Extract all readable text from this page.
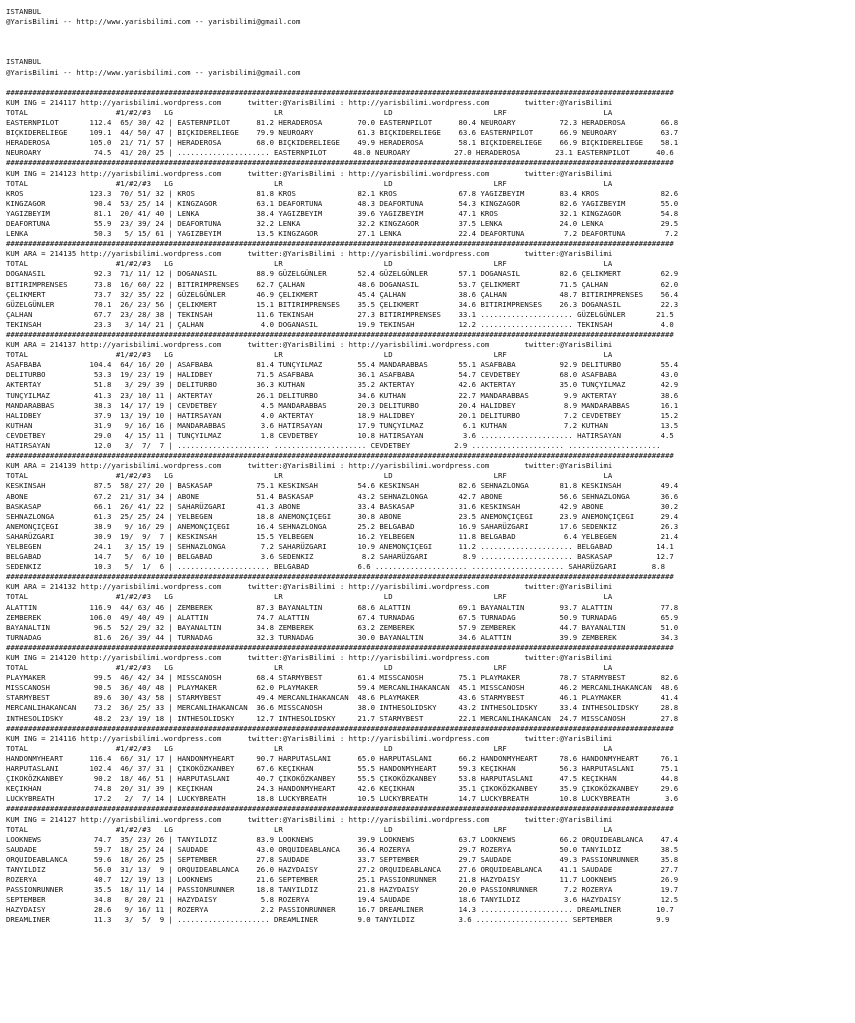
ISTANBUL
@YarisBilimi -- http://www.yarisbilimi.com -- yarisbilimi@gmail.com
ISTANBUL
@YarisBilimi -- http://www.yarisbilimi.com -- yarisbilimi@gmail.com
########################################################################################################################################################
KUM ING = 214117 http://yarisbilimi.wordpress.com      twitter:@YarisBilimi : http://yarisbilimi.wordpress.com        twitter:@YarisBilimi
TOTAL                    #1/#2/#3   LG                       LR                       LD                       LRF                      LA
EASTERNPILOT       112.4  65/ 30/ 42 | EASTERNPILOT      81.2 HERADEROSA        70.0 EASTERNPILOT      80.4 NEUROARY          72.3 HERADEROSA        66.8
BIÇKIDERELIEGE     109.1  44/ 50/ 47 | BIÇKIDERELIEGE    79.9 NEUROARY          61.3 BIÇKIDERELIEGE    63.6 EASTERNPILOT      66.9 NEUROARY          63.7
HERADEROSA         105.0  21/ 71/ 57 | HERADEROSA        68.0 BIÇKIDERELIEGE    49.9 HERADEROSA        58.1 BIÇKIDERELIEGE    66.9 BIÇKIDERELIEGE    58.1
NEUROARY            74.5  41/ 20/ 25 | ..................... EASTERNPILOT      48.0 NEUROARY          27.0 HERADEROSA        23.1 EASTERNPILOT      40.6
########################################################################################################################################################
KUM ING = 214123 http://yarisbilimi.wordpress.com      twitter:@YarisBilimi : http://yarisbilimi.wordpress.com        twitter:@YarisBilimi
TOTAL                    #1/#2/#3   LG                       LR                       LD                       LRF                      LA
KROS               123.3  70/ 51/ 32 | KROS              81.8 KROS              82.1 KROS              67.8 YAGIZBEYIM        83.4 KROS              82.6
KINGZAGOR           90.4  53/ 25/ 14 | KINGZAGOR         63.1 DEAFORTUNA        48.3 DEAFORTUNA        54.3 KINGZAGOR         82.6 YAGIZBEYIM        55.0
YAGIZBEYIM          81.1  20/ 41/ 40 | LENKA             38.4 YAGIZBEYIM        39.6 YAGIZBEYIM        47.1 KROS              32.1 KINGZAGOR         54.8
DEAFORTUNA          55.9  23/ 39/ 24 | DEAFORTUNA        32.2 LENKA             32.2 KINGZAGOR         37.5 LENKA             24.0 LENKA             29.5
LENKA               50.3   5/ 15/ 61 | YAGIZBEYIM        13.5 KINGZAGOR         27.1 LENKA             22.4 DEAFORTUNA         7.2 DEAFORTUNA         7.2
########################################################################################################################################################
KUM ARA = 214135 http://yarisbilimi.wordpress.com      twitter:@YarisBilimi : http://yarisbilimi.wordpress.com        twitter:@YarisBilimi
TOTAL                    #1/#2/#3   LG                       LR                       LD                       LRF                      LA
DOGANASIL           92.3  71/ 11/ 12 | DOGANASIL         88.9 GÜZELGÜNLER       52.4 GÜZELGÜNLER       57.1 DOGANASIL         82.6 ÇELIKMERT         62.9
BITIRIMPRENSES      73.8  16/ 60/ 22 | BITIRIMPRENSES    62.7 ÇALHAN            48.6 DOGANASIL         53.7 ÇELIKMERT         71.5 ÇALHAN            62.0
ÇELIKMERT           73.7  32/ 35/ 22 | GÜZELGÜNLER       46.9 ÇELIKMERT         45.4 ÇALHAN            38.6 ÇALHAN            48.7 BITIRIMPRENSES    56.4
GÜZELGÜNLER         70.1  26/ 23/ 56 | ÇELIKMERT         15.1 BITIRIMPRENSES    35.5 ÇELIKMERT         34.6 BITIRIMPRENSES    26.3 DOGANASIL         22.3
ÇALHAN              67.7  23/ 28/ 38 | TEKINSAH          11.6 TEKINSAH          27.3 BITIRIMPRENSES    33.1 ..................... GÜZELGÜNLER       21.5
TEKINSAH            23.3   3/ 14/ 21 | ÇALHAN             4.0 DOGANASIL         19.9 TEKINSAH          12.2 ..................... TEKINSAH           4.0
########################################################################################################################################################
KUM ARA = 214137 http://yarisbilimi.wordpress.com      twitter:@YarisBilimi : http://yarisbilimi.wordpress.com        twitter:@YarisBilimi
TOTAL                    #1/#2/#3   LG                       LR                       LD                       LRF                      LA
ASAFBABA           104.4  64/ 16/ 20 | ASAFBABA          81.4 TUNÇYILMAZ        55.4 MANDARABBAS       55.1 ASAFBABA          92.9 DELITURBO         55.4
DELITURBO           53.3  19/ 23/ 19 | HALIDBEY          71.5 ASAFBABA          36.1 ASAFBABA          54.7 CEVDETBEY         68.0 ASAFBABA          43.0
AKTERTAY            51.8   3/ 29/ 39 | DELITURBO         36.3 KUTHAN            35.2 AKTERTAY          42.6 AKTERTAY          35.0 TUNÇYILMAZ        42.9
TUNÇYILMAZ          41.3  23/ 10/ 11 | AKTERTAY          26.1 DELITURBO         34.6 KUTHAN            22.7 MANDARABBAS        9.9 AKTERTAY          38.6
MANDARABBAS         38.3  14/ 17/ 19 | CEVDETBEY          4.5 MANDARABBAS       20.3 DELITURBO         20.4 HALIDBEY           8.9 MANDARABBAS       16.1
HALIDBEY            37.9  13/ 19/ 10 | HATIRSAYAN         4.0 AKTERTAY          18.9 HALIDBEY          20.1 DELITURBO          7.2 CEVDETBEY         15.2
KUTHAN              31.9   9/ 16/ 16 | MANDARABBAS        3.6 HATIRSAYAN        17.9 TUNÇYILMAZ         6.1 KUTHAN             7.2 KUTHAN            13.5
CEVDETBEY           29.0   4/ 15/ 11 | TUNÇYILMAZ         1.8 CEVDETBEY         10.8 HATIRSAYAN         3.6 ..................... HATIRSAYAN         4.5
HATIRSAYAN          12.0   3/  7/  7 | ..................... ..................... CEVDETBEY          2.9 ..................... .....................
########################################################################################################################################################
KUM ARA = 214139 http://yarisbilimi.wordpress.com      twitter:@YarisBilimi : http://yarisbilimi.wordpress.com        twitter:@YarisBilimi
TOTAL                    #1/#2/#3   LG                       LR                       LD                       LRF                      LA
KESKINSAH           87.5  58/ 27/ 20 | BASKASAP          75.1 KESKINSAH         54.6 KESKINSAH         82.6 SEHNAZLONGA       81.8 KESKINSAH         49.4
ABONE               67.2  21/ 31/ 34 | ABONE             51.4 BASKASAP          43.2 SEHNAZLONGA       42.7 ABONE             56.6 SEHNAZLONGA       36.6
BASKASAP            66.1  26/ 41/ 22 | SAHARÜZGARI       41.3 ABONE             33.4 BASKASAP          31.6 KESKINSAH         42.9 ABONE             30.2
SEHNAZLONGA         61.3  25/ 25/ 24 | YELBEGEN          18.8 ANEMONÇIÇEGI      30.8 ABONE             23.5 ANEMONÇIÇEGI      23.9 ANEMONÇIÇEGI      29.4
ANEMONÇIÇEGI        38.9   9/ 16/ 29 | ANEMONÇIÇEGI      16.4 SEHNAZLONGA       25.2 BELGABAD          16.9 SAHARÜZGARI       17.6 SEDENKIZ          26.3
SAHARÜZGARI         30.9  19/  9/  7 | KESKINSAH         15.5 YELBEGEN          16.2 YELBEGEN          11.8 BELGABAD           6.4 YELBEGEN          21.4
YELBEGEN            24.1   3/ 15/ 19 | SEHNAZLONGA        7.2 SAHARÜZGARI       10.9 ANEMONÇIÇEGI      11.2 ..................... BELGABAD          14.1
BELGABAD            14.7   5/  6/ 10 | BELGABAD           3.6 SEDENKIZ           8.2 SAHARÜZGARI        8.9 ..................... BASKASAP          12.7
SEDENKIZ            10.3   5/  1/  6 | ..................... BELGABAD           6.6 ..................... ..................... SAHARÜZGARI        8.8
########################################################################################################################################################
KUM ARA = 214132 http://yarisbilimi.wordpress.com      twitter:@YarisBilimi : http://yarisbilimi.wordpress.com        twitter:@YarisBilimi
TOTAL                    #1/#2/#3   LG                       LR                       LD                       LRF                      LA
ALATTIN            116.9  44/ 63/ 46 | ZEMBEREK          87.3 BAYANALTIN        68.6 ALATTIN           69.1 BAYANALTIN        93.7 ALATTIN           77.8
ZEMBEREK           106.0  49/ 40/ 49 | ALATTIN           74.7 ALATTIN           67.4 TURNADAG          67.5 TURNADAG          50.9 TURNADAG          65.9
BAYANALTIN          96.5  52/ 29/ 32 | BAYANALTIN        34.8 ZEMBEREK          63.2 ZEMBEREK          57.9 ZEMBEREK          44.7 BAYANALTIN        51.0
TURNADAG            81.6  26/ 39/ 44 | TURNADAG          32.3 TURNADAG          30.0 BAYANALTIN        34.6 ALATTIN           39.9 ZEMBEREK          34.3
########################################################################################################################################################
KUM ING = 214120 http://yarisbilimi.wordpress.com      twitter:@YarisBilimi : http://yarisbilimi.wordpress.com        twitter:@YarisBilimi
TOTAL                    #1/#2/#3   LG                       LR                       LD                       LRF                      LA
PLAYMAKER           99.5  46/ 42/ 34 | MISSCANOSH        68.4 STARMYBEST        61.4 MISSCANOSH        75.1 PLAYMAKER         78.7 STARMYBEST        82.6
MISSCANOSH          90.5  36/ 40/ 48 | PLAYMAKER         62.0 PLAYMAKER         59.4 MERCANLIHAKANCAN  45.1 MISSCANOSH        46.2 MERCANLIHAKANCAN  48.6
STARMYBEST          89.6  30/ 43/ 58 | STARMYBEST        49.4 MERCANLIHAKANCAN  48.6 PLAYMAKER         43.6 STARMYBEST        46.1 PLAYMAKER         41.4
MERCANLIHAKANCAN    73.2  36/ 25/ 33 | MERCANLIHAKANCAN  36.6 MISSCANOSH        38.0 INTHESOLIDSKY     43.2 INTHESOLIDSKY     33.4 INTHESOLIDSKY     28.8
INTHESOLIDSKY       48.2  23/ 19/ 18 | INTHESOLIDSKY     12.7 INTHESOLIDSKY     21.7 STARMYBEST        22.1 MERCANLIHAKANCAN  24.7 MISSCANOSH        27.8
########################################################################################################################################################
KUM ING = 214116 http://yarisbilimi.wordpress.com      twitter:@YarisBilimi : http://yarisbilimi.wordpress.com        twitter:@YarisBilimi
TOTAL                    #1/#2/#3   LG                       LR                       LD                       LRF                      LA
HANDONMYHEART      116.4  66/ 31/ 17 | HANDONMYHEART     90.7 HARPUTASLANI      65.0 HARPUTASLANI      66.2 HANDONMYHEART     78.6 HANDONMYHEART     76.1
HARPUTASLANI       102.4  46/ 37/ 31 | ÇIKOKÖZKANBEY     67.6 KEÇIKHAN          55.5 HANDONMYHEART     59.3 KEÇIKHAN          56.3 HARPUTASLANI      75.1
ÇIKOKÖZKANBEY       90.2  18/ 46/ 51 | HARPUTASLANI      40.7 ÇIKOKÖZKANBEY     55.5 ÇIKOKÖZKANBEY     53.8 HARPUTASLANI      47.5 KEÇIKHAN          44.8
KEÇIKHAN            74.8  20/ 31/ 39 | KEÇIKHAN          24.3 HANDONMYHEART     42.6 KEÇIKHAN          35.1 ÇIKOKÖZKANBEY     35.9 ÇIKOKÖZKANBEY     29.6
LUCKYBREATH         17.2   2/  7/ 14 | LUCKYBREATH       18.8 LUCKYBREATH       10.5 LUCKYBREATH       14.7 LUCKYBREATH       10.8 LUCKYBREATH        3.6
########################################################################################################################################################
KUM ING = 214127 http://yarisbilimi.wordpress.com      twitter:@YarisBilimi : http://yarisbilimi.wordpress.com        twitter:@YarisBilimi
TOTAL                    #1/#2/#3   LG                       LR                       LD                       LRF                      LA
LOOKNEWS            74.7  35/ 23/ 26 | TANYILDIZ         83.9 LOOKNEWS          39.9 LOOKNEWS          63.7 LOOKNEWS          66.2 ORQUIDEABLANCA    47.4
SAUDADE             59.7  18/ 25/ 24 | SAUDADE           43.0 ORQUIDEABLANCA    36.4 ROZERYA           29.7 ROZERYA           50.0 TANYILDIZ         38.5
ORQUIDEABLANCA      59.6  18/ 26/ 25 | SEPTEMBER         27.8 SAUDADE           33.7 SEPTEMBER         29.7 SAUDADE           49.3 PASSIONRUNNER     35.8
TANYILDIZ           56.0  31/ 13/  9 | ORQUIDEABLANCA    26.0 HAZYDAISY         27.2 ORQUIDEABLANCA    27.6 ORQUIDEABLANCA    41.1 SAUDADE           27.7
ROZERYA             40.7  12/ 19/ 13 | LOOKNEWS          21.6 SEPTEMBER         25.1 PASSIONRUNNER     21.8 HAZYDAISY         11.7 LOOKNEWS          26.9
PASSIONRUNNER       35.5  18/ 11/ 14 | PASSIONRUNNER     18.8 TANYILDIZ         21.8 HAZYDAISY         20.0 PASSIONRUNNER      7.2 ROZERYA           19.7
SEPTEMBER           34.8   8/ 20/ 21 | HAZYDAISY          5.8 ROZERYA           19.4 SAUDADE           18.6 TANYILDIZ          3.6 HAZYDAISY         12.5
HAZYDAISY           28.6   9/ 16/ 11 | ROZERYA            2.2 PASSIONRUNNER     16.7 DREAMLINER        14.3 ..................... DREAMLINER        10.7
DREAMLINER          11.3   3/  5/  9 | ..................... DREAMLINER         9.0 TANYILDIZ          3.6 ..................... SEPTEMBER          9.9
